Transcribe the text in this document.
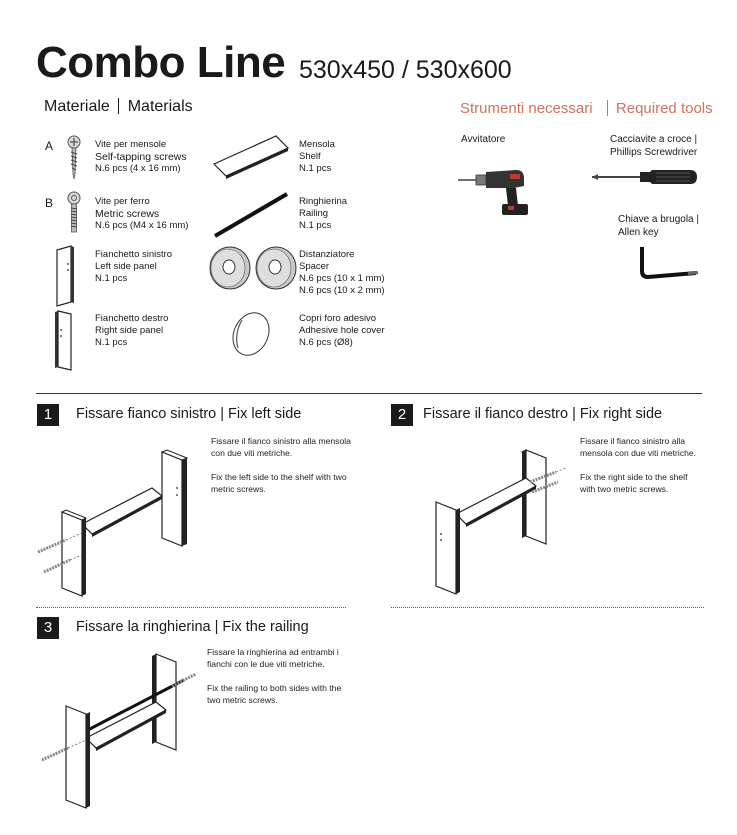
Combo Line 530x450 / 530x600
Materiale Materials	Strumenti necessari Required tools
A	Vite per mensole
Self-tapping screws
N.6 pcs (4 x 16 mm)
B	Vite per ferro
Metric screws
N.6 pcs (M4 x 16 mm)
Fianchetto sinistro
Left side panel
N.1 pcs
Fianchetto destro
Right side panel
N.1 pcs
Mensola
Shelf
N.1 pcs
Ringhierina
Railing
N.1 pcs
Distanziatore
Spacer
N.6 pcs (10 x 1 mm)
N.6 pcs (10 x 2 mm)
Copri foro adesivo
Adhesive hole cover
N.6 pcs (Ø8)
Avvitatore	Cacciavite a croce |
Phillips Screwdriver
Chiave a brugola |
Allen key
1	Fissare fianco sinistro | Fix left side
Fissare il fianco sinistro alla mensola con due viti metriche.
Fix the left side to the shelf with two metric screws.
2	Fissare il fianco destro | Fix right side
Fissare il fianco sinistro alla mensola con due viti metriche.
Fix the right side to the shelf with two metric screws.
3	Fissare la ringhierina | Fix the railing
Fissare la ringhierina ad entrambi i fianchi con le due viti metriche.
Fix the railing to both sides with the two metric screws.
